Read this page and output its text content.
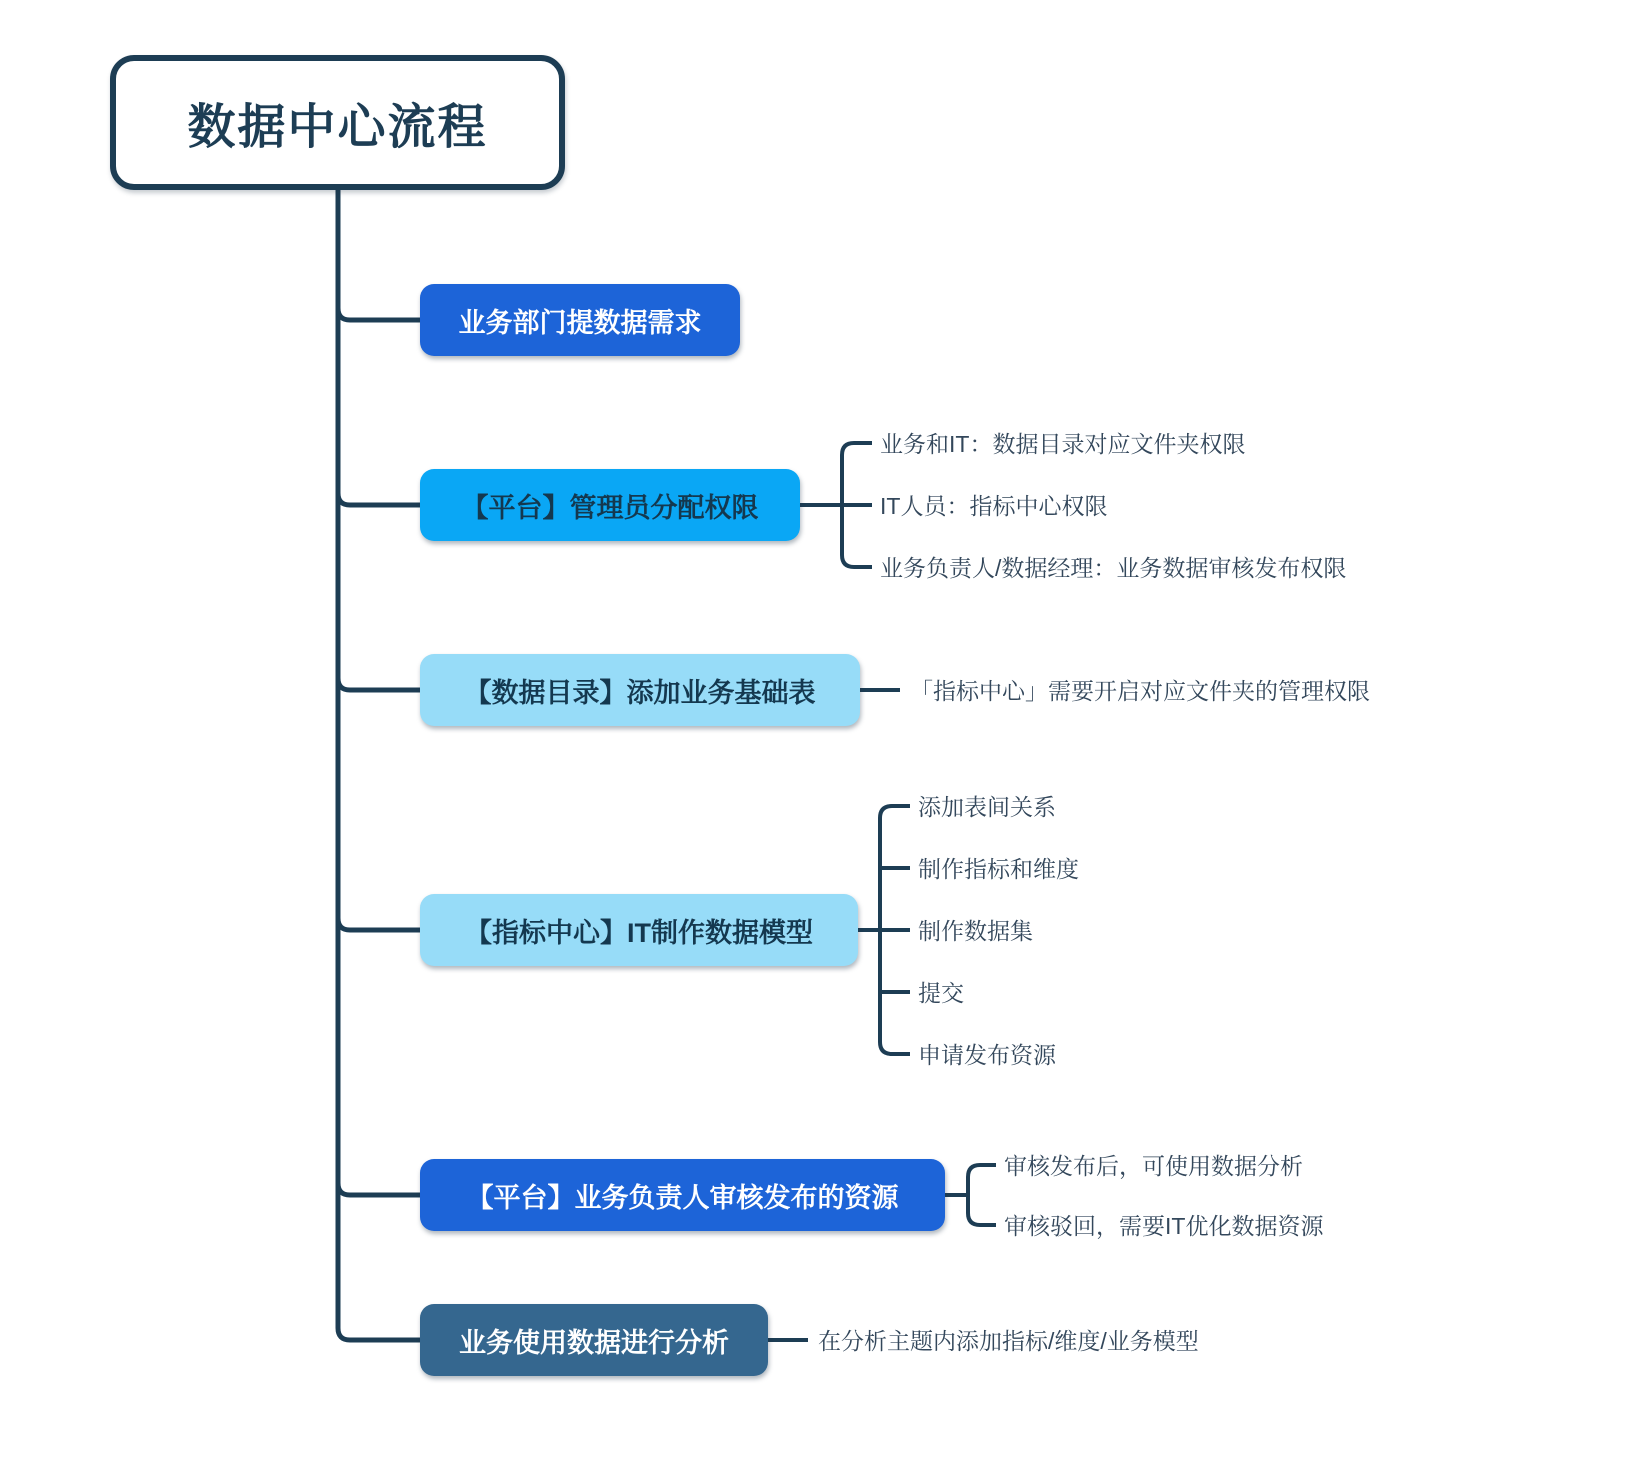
数据中心流程
业务部门提数据需求
【平台】管理员分配权限
【数据目录】添加业务基础表
【指标中心】IT制作数据模型
【平台】业务负责人审核发布的资源
业务使用数据进行分析
业务和IT：数据目录对应文件夹权限
IT人员：指标中心权限
业务负责人/数据经理：业务数据审核发布权限
「指标中心」需要开启对应文件夹的管理权限
添加表间关系
制作指标和维度
制作数据集
提交
申请发布资源
审核发布后，可使用数据分析
审核驳回，需要IT优化数据资源
在分析主题内添加指标/维度/业务模型
